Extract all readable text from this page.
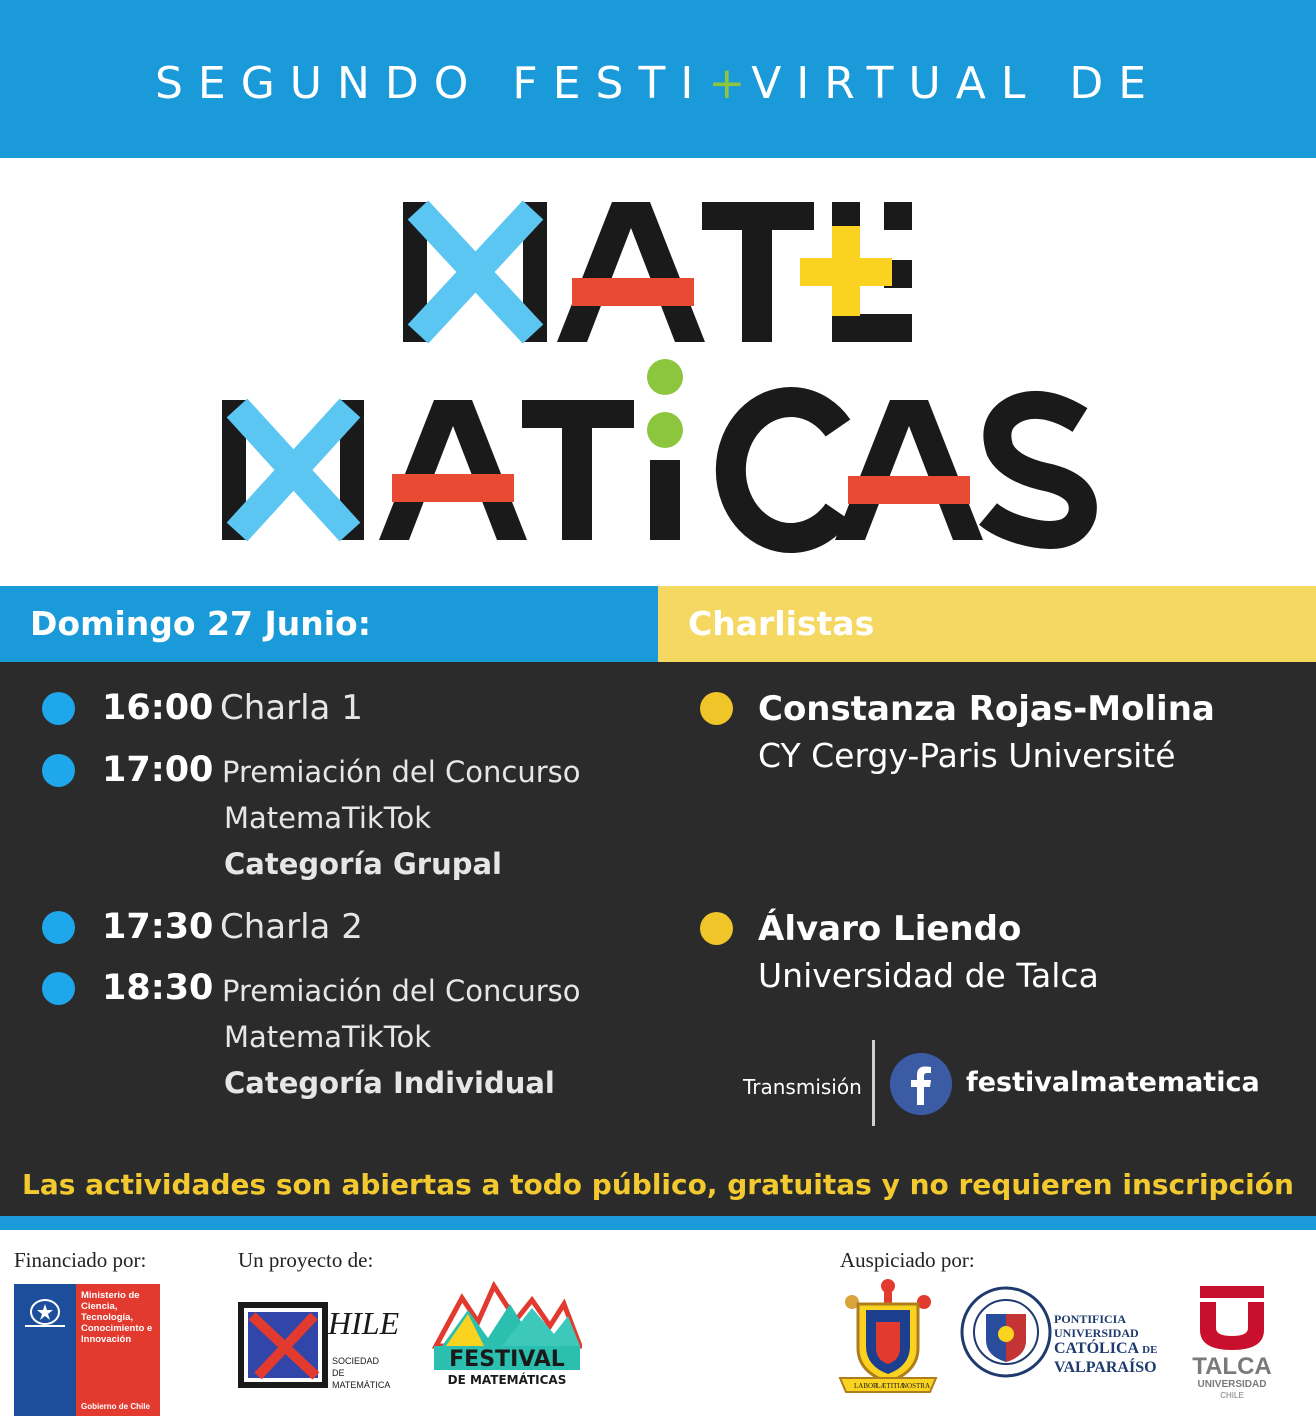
SEGUNDO FESTI+VIRTUAL DE
Domingo 27 Junio:	Charlistas
16:00 Charla 1
17:00 Premiación del Concurso
MatemaTikTok
Categoría Grupal
17:30 Charla 2
18:30 Premiación del Concurso
MatemaTikTok
Categoría Individual
Constanza Rojas-Molina
CY Cergy-Paris Université
Álvaro Liendo
Universidad de Talca
Transmisión	festivalmatematica
Las actividades son abiertas a todo público, gratuitas y no requieren inscripción
Financiado por:	Un proyecto de:	Auspiciado por:
Ministerio de Ciencia, Tecnología, Conocimiento e Innovación
Gobierno de Chile
HILE
SOCIEDAD
DE
MATEMÁTICA
FESTIVAL
DE MATEMÁTICAS	LABOR
LÆTITIA
NOSTRA
PONTIFICIA
UNIVERSIDAD
CATÓLICA DE
VALPARAÍSO TALCA
UNIVERSIDAD
CHILE
